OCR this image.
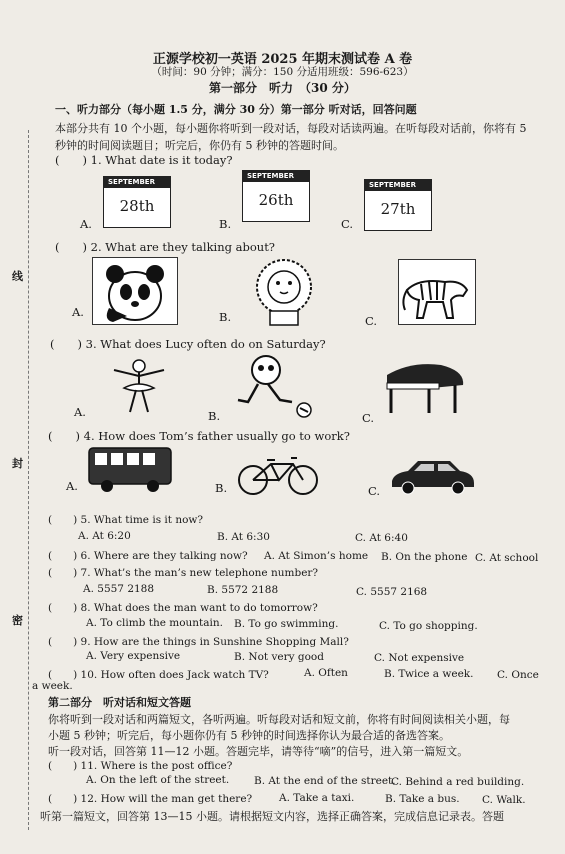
线
封
密
正源学校初一英语 2025 年期末测试卷 A 卷
（时间：90 分钟；满分：150 分适用班级：596-623）
第一部分　听力　（30 分）
一、听力部分（每小题 1.5 分，满分 30 分）第一部分 听对话，回答问题
本部分共有 10 个小题，每小题你将听到一段对话，每段对话读两遍。在听每段对话前，你将有 5
秒钟的时间阅读题目；听完后，你仍有 5 秒钟的答题时间。
(　　) 1. What date is it today?
A.
SEPTEMBER
28th
B.
SEPTEMBER
26th
C.
SEPTEMBER
27th
(　　) 2. What are they talking about?
A.	B.	C.
(　　) 3. What does Lucy often do on Saturday?
A.	B.	C.
(　　) 4. How does Tom’s father usually go to work?
A.	B.	C.
(　　) 5. What time is it now?
A. At 6:20	B. At 6:30	C. At 6:40
(　　) 6. Where are they talking now? A. At Simon’s home B. On the phone C. At school
(　　) 7. What’s the man’s new telephone number?
A. 5557 2188	B. 5572 2188	C. 5557 2168
(　　) 8. What does the man want to do tomorrow?
A. To climb the mountain. B. To go swimming.	C. To go shopping.
(　　) 9. How are the things in Sunshine Shopping Mall?
A. Very expensive	B. Not very good	C. Not expensive
(　　) 10. How often does Jack watch TV?	A. Often	B. Twice a week. C. Once
a week.
第二部分　听对话和短文答题
你将听到一段对话和两篇短文，各听两遍。听每段对话和短文前，你将有时间阅读相关小题，每
小题 5 秒钟；听完后，每小题你仍有 5 秒钟的时间选择你认为最合适的备选答案。
听一段对话，回答第 11—12 小题。答题完毕，请等待“嘀”的信号，进入第一篇短文。
(　　) 11. Where is the post office?
A. On the left of the street. B. At the end of the street.
C. Behind a red building.
(　　) 12. How will the man get there?	A. Take a taxi.	B. Take a bus. C. Walk.
听第一篇短文，回答第 13—15 小题。请根据短文内容，选择正确答案，完成信息记录表。答题
